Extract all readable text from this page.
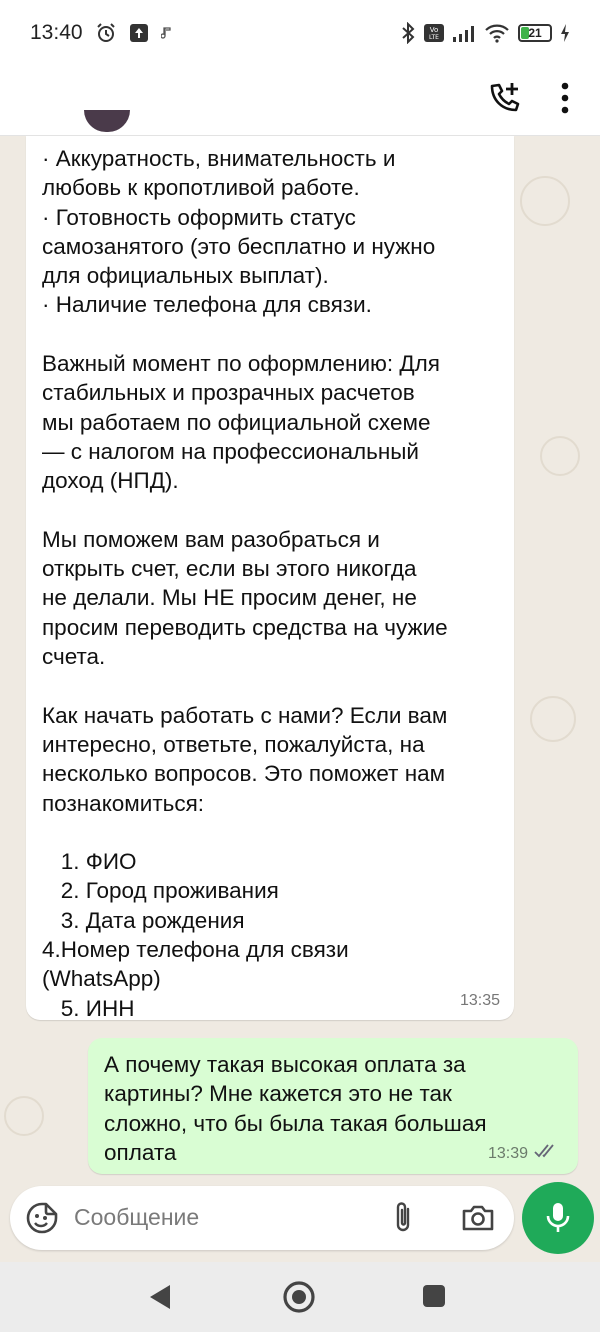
13:40	Vo
LTE	21
· Аккуратность, внимательность и
любовь к кропотливой работе.
· Готовность оформить статус
самозанятого (это бесплатно и нужно
для официальных выплат).
· Наличие телефона для связи.

Важный момент по оформлению: Для
стабильных и прозрачных расчетов
мы работаем по официальной схеме
— с налогом на профессиональный
доход (НПД).

Мы поможем вам разобраться и
открыть счет, если вы этого никогда
не делали. Мы НЕ просим денег, не
просим переводить средства на чужие
счета.

Как начать работать с нами? Если вам
интересно, ответьте, пожалуйста, на
несколько вопросов. Это поможет нам
познакомиться:

1. ФИО
2. Город проживания
3. Дата рождения
4.Номер телефона для связи
(WhatsApp)
5. ИНН	13:35
А почему такая высокая оплата за
картины? Мне кажется это не так
сложно, что бы была такая большая
оплата	13:39
Сообщение
